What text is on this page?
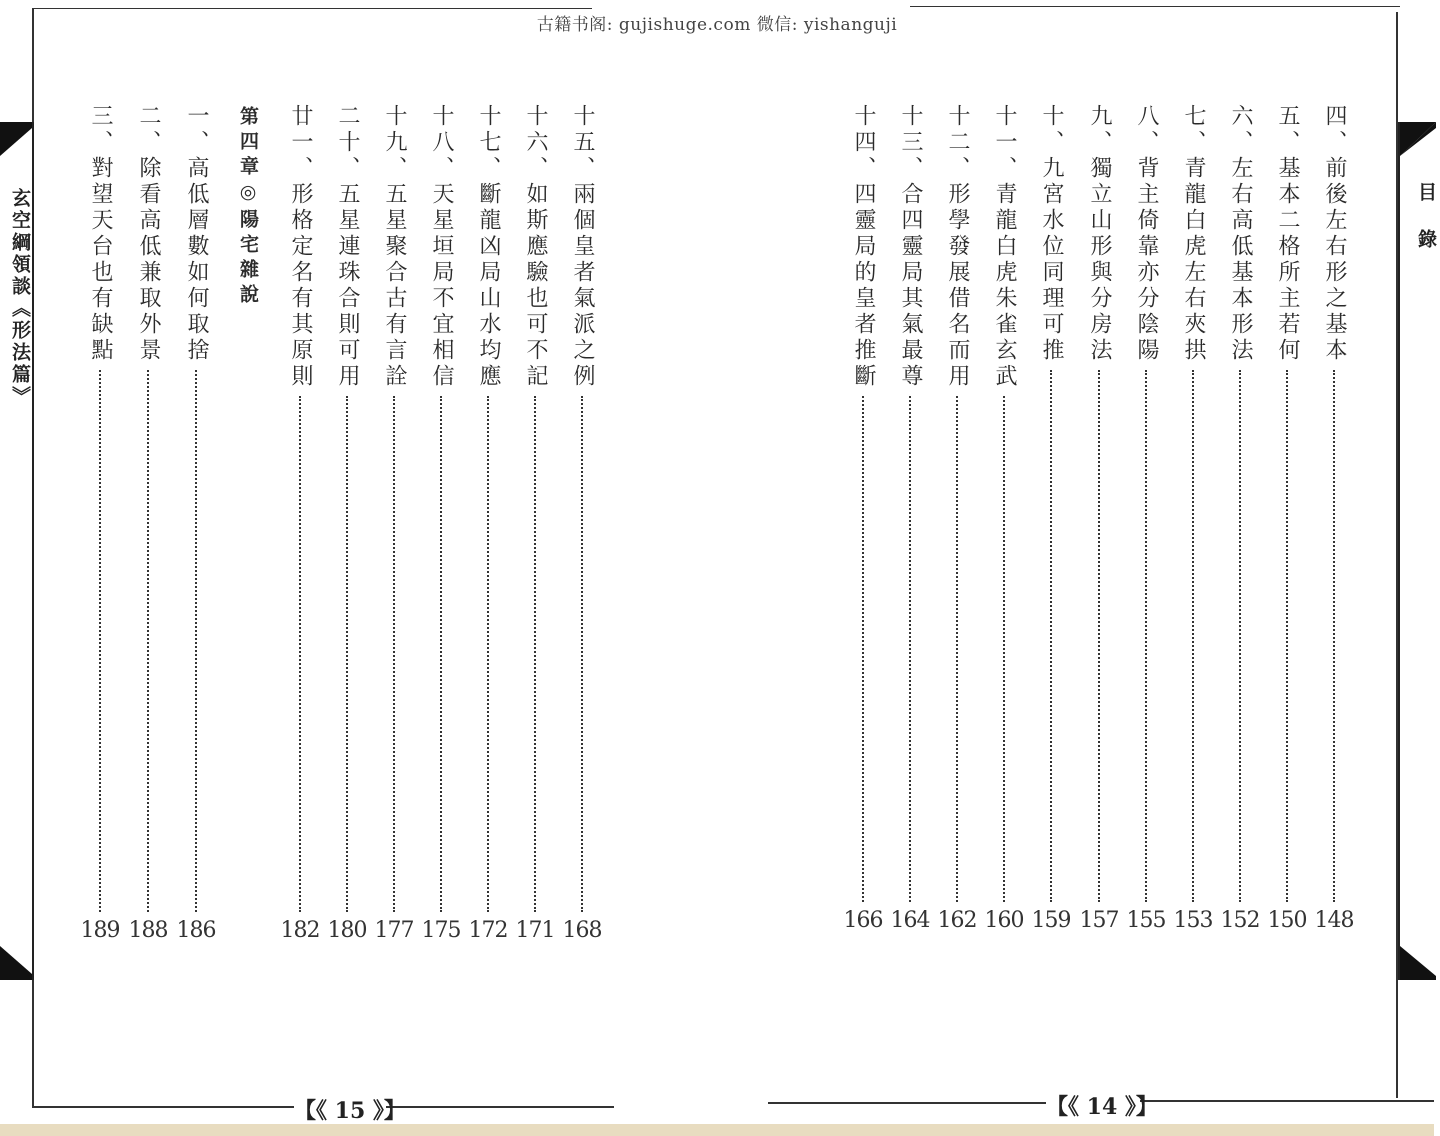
古籍书阁: gujishuge.com 微信: yishanguji
玄空綱領談《形法篇》	目錄
四、前後左右形之基本
148
五、基本二格所主若何
150
六、左右高低基本形法
152
七、青龍白虎左右夾拱
153
八、背主倚靠亦分陰陽
155
九、獨立山形與分房法
157
十、九宮水位同理可推
159
十一、青龍白虎朱雀玄武
160
十二、形學發展借名而用
162
十三、合四靈局其氣最尊
164
十四、四靈局的皇者推斷
166
十五、兩個皇者氣派之例
168
十六、如斯應驗也可不記
171
十七、斷龍凶局山水均應
172
十八、天星垣局不宜相信
175
十九、五星聚合古有言詮
177
二十、五星連珠合則可用
180
廿一、形格定名有其原則
182
一、高低層數如何取捨
186
二、除看高低兼取外景
188
三、對望天台也有缺點
189
第四章◎陽宅雜說
【《 15 》】	【《 14 》】
